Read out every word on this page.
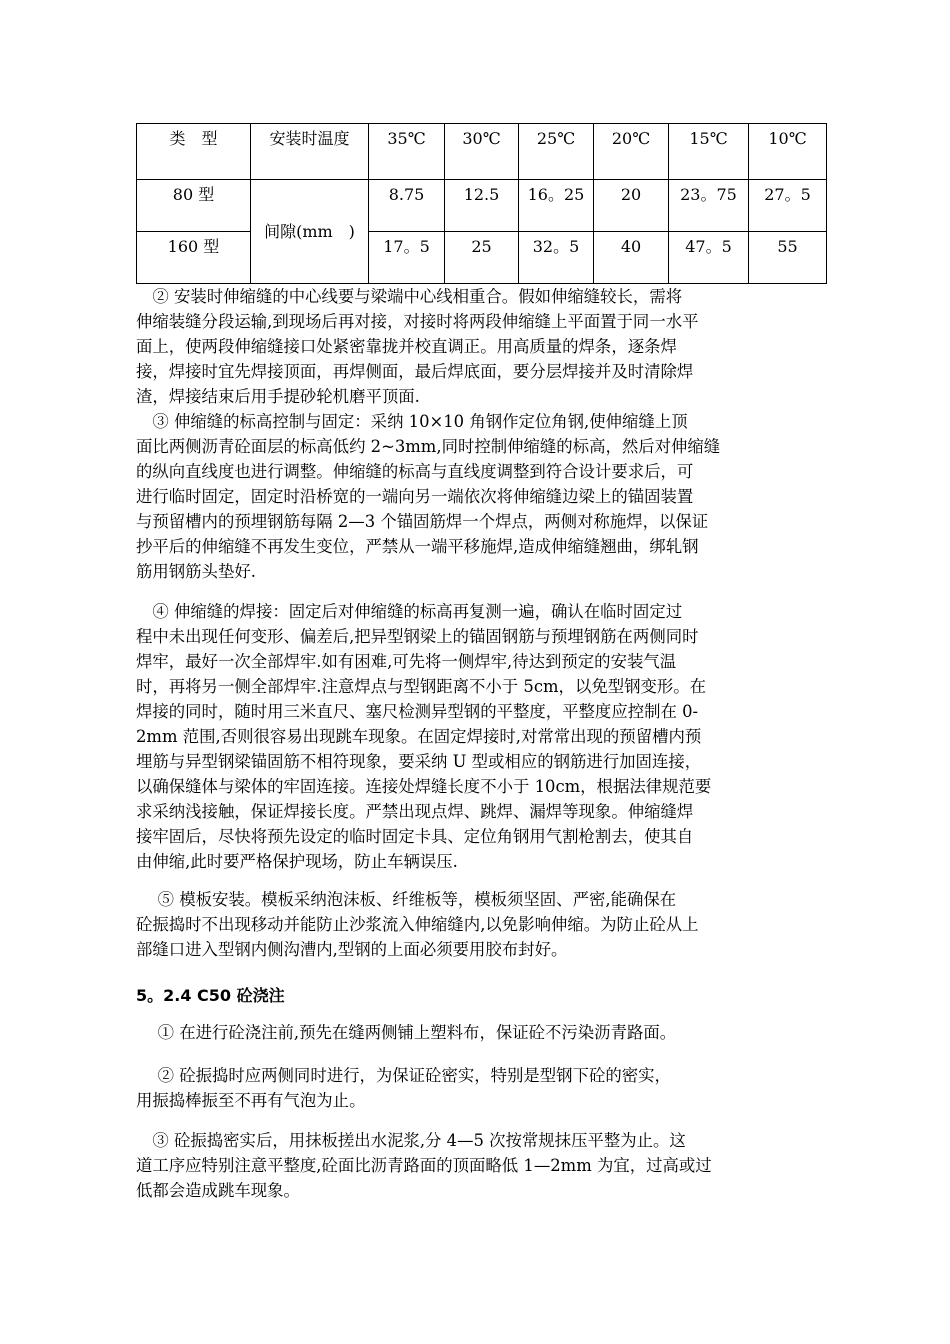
类　型	安装时温度	35℃	30℃	25℃	20℃	15℃	10℃
80 型	间隙(mm　)	8.75	12.5	16。25	20	23。75	27。5
160 型		17。5	25	32。5	40	47。5	55
　② 安装时伸缩缝的中心线要与梁端中心线相重合。假如伸缩缝较长，需将
伸缩装缝分段运输,到现场后再对接，对接时将两段伸缩缝上平面置于同一水平
面上，使两段伸缩缝接口处紧密靠拢并校直调正。用高质量的焊条，逐条焊
接，焊接时宜先焊接顶面，再焊侧面，最后焊底面，要分层焊接并及时清除焊
渣，焊接结束后用手提砂轮机磨平顶面.
　③ 伸缩缝的标高控制与固定：采纳 10×10 角钢作定位角钢,使伸缩缝上顶
面比两侧沥青砼面层的标高低约 2~3mm,同时控制伸缩缝的标高，然后对伸缩缝
的纵向直线度也进行调整。伸缩缝的标高与直线度调整到符合设计要求后，可
进行临时固定，固定时沿桥宽的一端向另一端依次将伸缩缝边梁上的锚固装置
与预留槽内的预埋钢筋每隔 2—3 个锚固筋焊一个焊点，两侧对称施焊，以保证
抄平后的伸缩缝不再发生变位，严禁从一端平移施焊,造成伸缩缝翘曲，绑轧钢
筋用钢筋头垫好.
　④ 伸缩缝的焊接：固定后对伸缩缝的标高再复测一遍，确认在临时固定过
程中未出现任何变形、偏差后,把异型钢梁上的锚固钢筋与预埋钢筋在两侧同时
焊牢，最好一次全部焊牢.如有困难,可先将一侧焊牢,待达到预定的安装气温
时，再将另一侧全部焊牢.注意焊点与型钢距离不小于 5cm，以免型钢变形。在
焊接的同时，随时用三米直尺、塞尺检测异型钢的平整度，平整度应控制在 0-
2mm 范围,否则很容易出现跳车现象。在固定焊接时,对常常出现的预留槽内预
埋筋与异型钢梁锚固筋不相符现象，要采纳 U 型或相应的钢筋进行加固连接，
以确保缝体与梁体的牢固连接。连接处焊缝长度不小于 10cm，根据法律规范要
求采纳浅接触，保证焊接长度。严禁出现点焊、跳焊、漏焊等现象。伸缩缝焊
接牢固后，尽快将预先设定的临时固定卡具、定位角钢用气割枪割去，使其自
由伸缩,此时要严格保护现场，防止车辆误压.
　 ⑤ 模板安装。模板采纳泡沫板、纤维板等，模板须坚固、严密,能确保在
砼振捣时不出现移动并能防止沙浆流入伸缩缝内,以免影响伸缩。为防止砼从上
部缝口进入型钢内侧沟漕内,型钢的上面必须要用胶布封好。
5。2.4 C50 砼浇注
　 ① 在进行砼浇注前,预先在缝两侧铺上塑料布，保证砼不污染沥青路面。
　 ② 砼振捣时应两侧同时进行，为保证砼密实，特别是型钢下砼的密实，
用振捣棒振至不再有气泡为止。
　③ 砼振捣密实后，用抹板搓出水泥浆,分 4—5 次按常规抹压平整为止。这
道工序应特别注意平整度,砼面比沥青路面的顶面略低 1—2mm 为宜，过高或过
低都会造成跳车现象。
